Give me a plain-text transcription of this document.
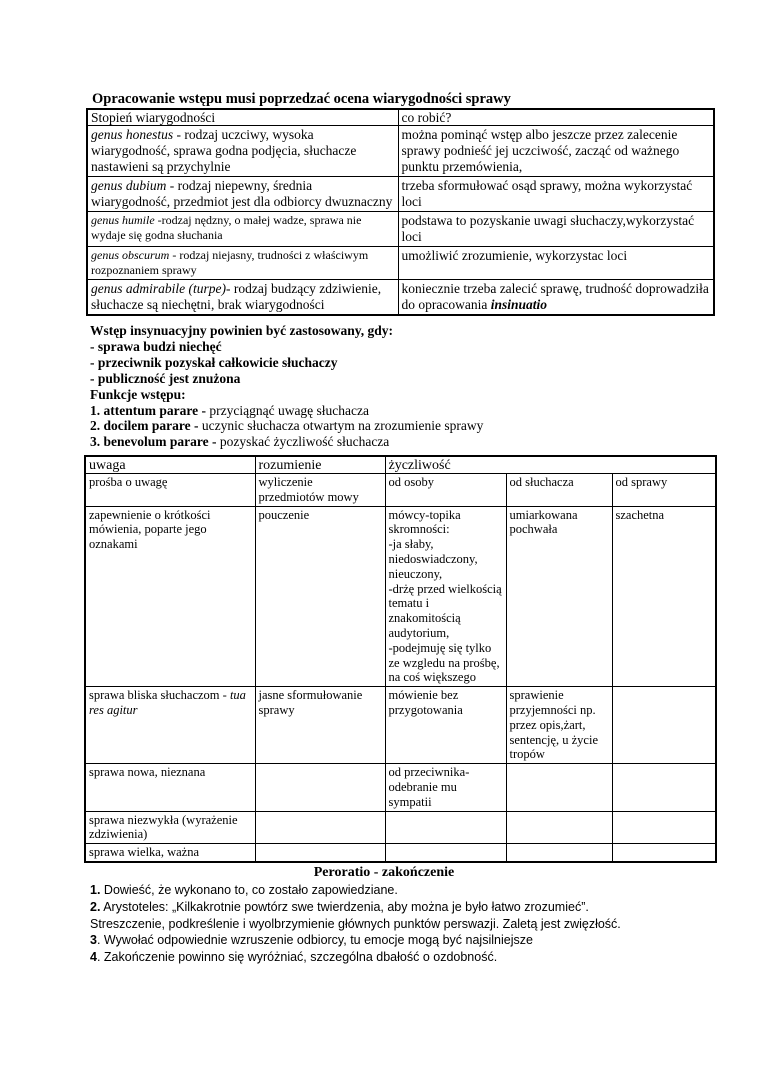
Opracowanie wstępu musi poprzedzać ocena wiarygodności sprawy
Stopień wiarygodności	co robić?
genus honestus - rodzaj uczciwy, wysoka wiarygodność, sprawa godna podjęcia, słuchacze nastawieni są przychylnie	można pominąć wstęp albo jeszcze przez zalecenie sprawy podnieść jej uczciwość, zacząć od ważnego punktu przemówienia,
genus dubium - rodzaj niepewny, średnia wiarygodność, przedmiot jest dla odbiorcy dwuznaczny	trzeba sformułować osąd sprawy, można wykorzystać loci
genus humile -rodzaj nędzny, o małej wadze, sprawa nie wydaje się godna słuchania	podstawa to pozyskanie uwagi słuchaczy,wykorzystać loci
genus obscurum - rodzaj niejasny, trudności z właściwym rozpoznaniem sprawy	umożliwić zrozumienie, wykorzystac loci
genus admirabile (turpe)- rodzaj budzący zdziwienie, słuchacze są niechętni, brak wiarygodności	koniecznie trzeba zalecić sprawę, trudność doprowadziła do opracowania insinuatio
Wstęp insynuacyjny powinien być zastosowany, gdy:
- sprawa budzi niechęć
- przeciwnik pozyskał całkowicie słuchaczy
- publiczność jest znużona
Funkcje wstępu:
1. attentum parare - przyciągnąć uwagę słuchacza
2. docilem parare - uczynic słuchacza otwartym na zrozumienie sprawy
3. benevolum parare - pozyskać życzliwość słuchacza
uwaga	rozumienie	życzliwość		
prośba o uwagę	wyliczenie przedmiotów mowy	od osoby	od słuchacza	od sprawy
zapewnienie o krótkości mówienia, poparte jego oznakami	pouczenie	mówcy-topika skromności:
-ja słaby, niedoswiadczony, nieuczony,
-drżę przed wielkością tematu i znakomitością audytorium,
-podejmuję się tylko ze wzgledu na prośbę, na coś większego	umiarkowana pochwała	szachetna
sprawa bliska słuchaczom - tua res agitur	jasne sformułowanie sprawy	mówienie bez przygotowania	sprawienie przyjemności np. przez opis,żart, sentencję, u życie tropów	
sprawa nowa, nieznana		od przeciwnika-odebranie mu sympatii		
sprawa niezwykła (wyrażenie zdziwienia)				
sprawa wielka, ważna				
Peroratio - zakończenie
1. Dowieść, że wykonano to, co zostało zapowiedziane.
2. Arystoteles: „Kilkakrotnie powtórz swe twierdzenia, aby można je było łatwo zrozumieć”.
Streszczenie, podkreślenie i wyolbrzymienie głównych punktów perswazji. Zaletą jest zwięzłość.
3. Wywołać odpowiednie wzruszenie odbiorcy, tu emocje mogą być najsilniejsze
4. Zakończenie powinno się wyróżniać, szczególna dbałość o ozdobność.
